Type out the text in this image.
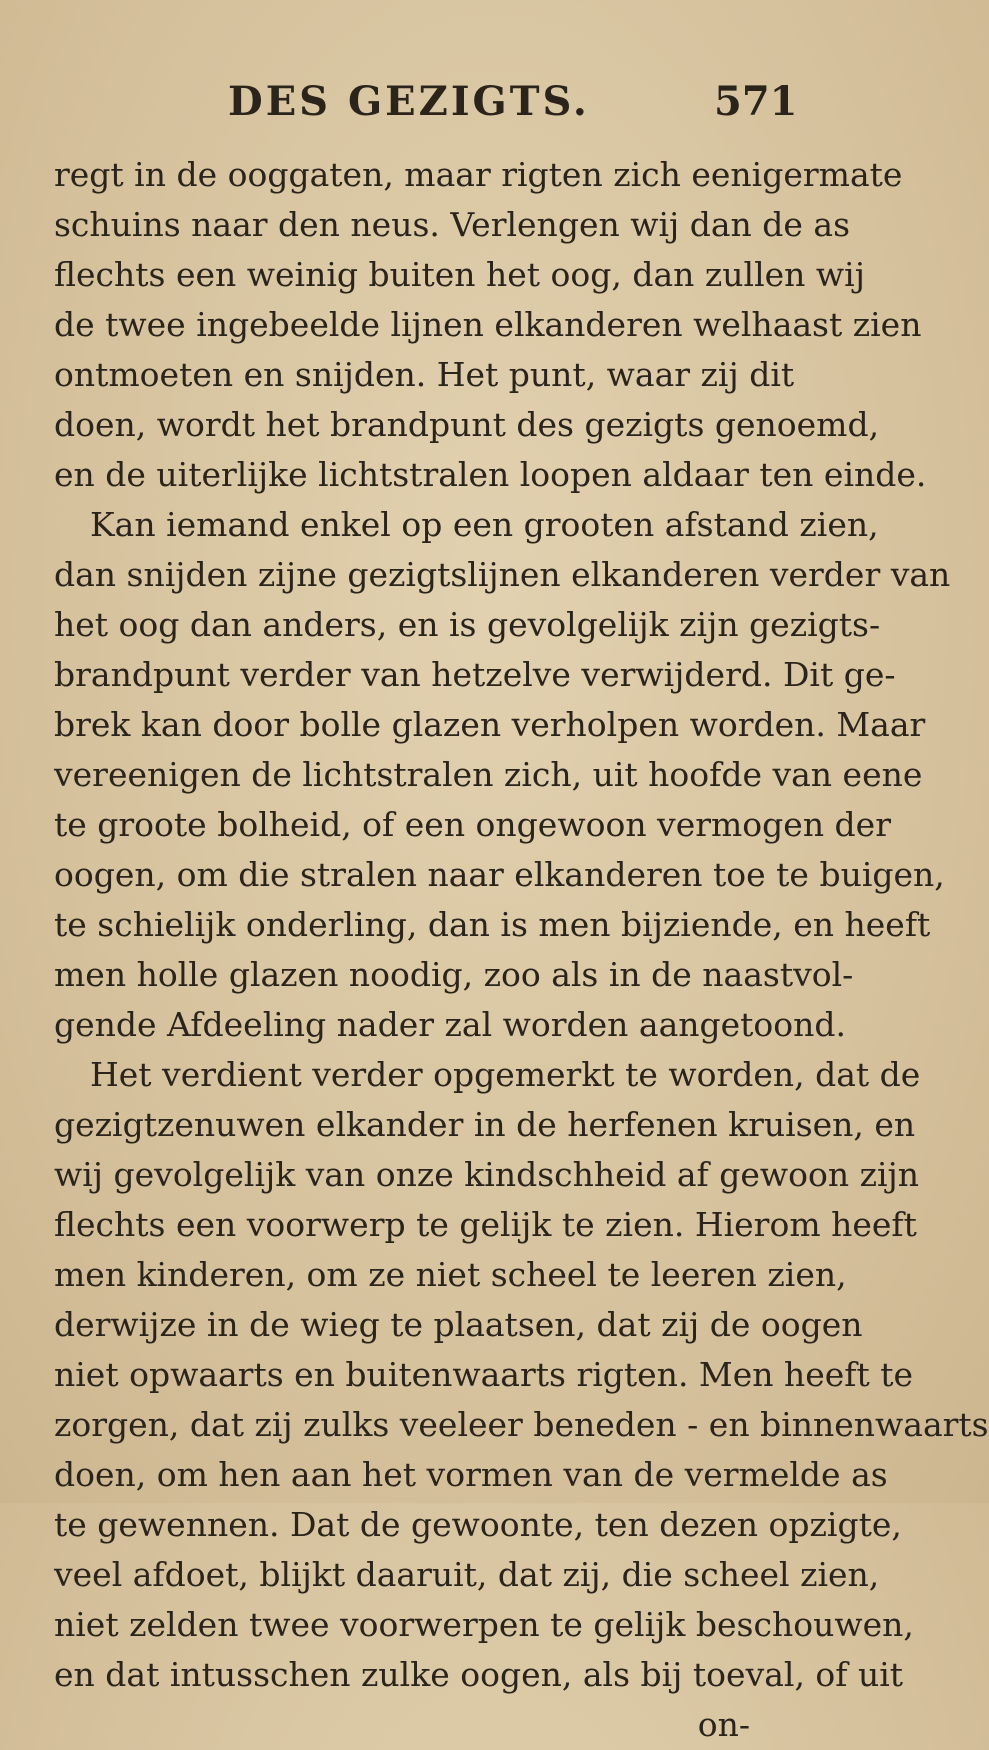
DES GEZIGTS.	571
regt in de ooggaten, maar rigten zich eenigermate
schuins naar den neus. Verlengen wij dan de as
flechts een weinig buiten het oog, dan zullen wij
de twee ingebeelde lijnen elkanderen welhaast zien
ontmoeten en snijden. Het punt, waar zij dit
doen, wordt het brandpunt des gezigts genoemd,
en de uiterlijke lichtstralen loopen aldaar ten einde.
Kan iemand enkel op een grooten afstand zien,
dan snijden zijne gezigtslijnen elkanderen verder van
het oog dan anders, en is gevolgelijk zijn gezigts-
brandpunt verder van hetzelve verwijderd. Dit ge-
brek kan door bolle glazen verholpen worden. Maar
vereenigen de lichtstralen zich, uit hoofde van eene
te groote bolheid, of een ongewoon vermogen der
oogen, om die stralen naar elkanderen toe te buigen,
te schielijk onderling, dan is men bijziende, en heeft
men holle glazen noodig, zoo als in de naastvol-
gende Afdeeling nader zal worden aangetoond.
Het verdient verder opgemerkt te worden, dat de
gezigtzenuwen elkander in de herfenen kruisen, en
wij gevolgelijk van onze kindschheid af gewoon zijn
flechts een voorwerp te gelijk te zien. Hierom heeft
men kinderen, om ze niet scheel te leeren zien,
derwijze in de wieg te plaatsen, dat zij de oogen
niet opwaarts en buitenwaarts rigten. Men heeft te
zorgen, dat zij zulks veeleer beneden - en binnenwaarts
doen, om hen aan het vormen van de vermelde as
te gewennen. Dat de gewoonte, ten dezen opzigte,
veel afdoet, blijkt daaruit, dat zij, die scheel zien,
niet zelden twee voorwerpen te gelijk beschouwen,
en dat intusschen zulke oogen, als bij toeval, of uit
on-
